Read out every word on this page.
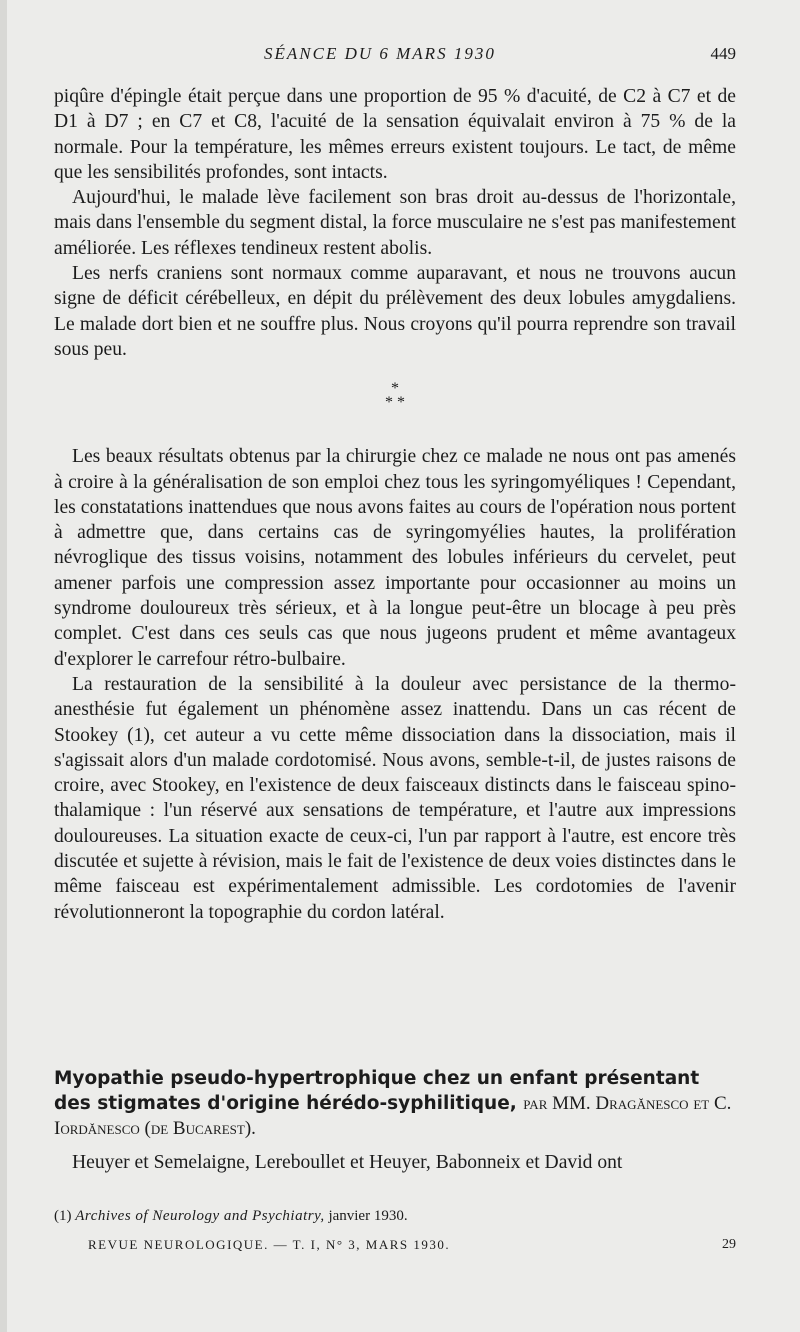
SÉANCE DU 6 MARS 1930	449

piqûre d'épingle était perçue dans une proportion de 95 % d'acuité, de C2 à C7 et de D1 à D7 ; en C7 et C8, l'acuité de la sensation équivalait environ à 75 % de la normale. Pour la température, les mêmes erreurs existent toujours. Le tact, de même que les sensibilités profondes, sont intacts.

Aujourd'hui, le malade lève facilement son bras droit au-dessus de l'horizontale, mais dans l'ensemble du segment distal, la force musculaire ne s'est pas manifestement améliorée. Les réflexes tendineux restent abolis.

Les nerfs craniens sont normaux comme auparavant, et nous ne trouvons aucun signe de déficit cérébelleux, en dépit du prélèvement des deux lobules amygdaliens. Le malade dort bien et ne souffre plus. Nous croyons qu'il pourra reprendre son travail sous peu.

*
* *

Les beaux résultats obtenus par la chirurgie chez ce malade ne nous ont pas amenés à croire à la généralisation de son emploi chez tous les syringomyéliques ! Cependant, les constatations inattendues que nous avons faites au cours de l'opération nous portent à admettre que, dans certains cas de syringomyélies hautes, la prolifération névroglique des tissus voisins, notamment des lobules inférieurs du cervelet, peut amener parfois une compression assez importante pour occasionner au moins un syndrome douloureux très sérieux, et à la longue peut-être un blocage à peu près complet. C'est dans ces seuls cas que nous jugeons prudent et même avantageux d'explorer le carrefour rétro-bulbaire.

La restauration de la sensibilité à la douleur avec persistance de la thermo-anesthésie fut également un phénomène assez inattendu. Dans un cas récent de Stookey (1), cet auteur a vu cette même dissociation dans la dissociation, mais il s'agissait alors d'un malade cordotomisé. Nous avons, semble-t-il, de justes raisons de croire, avec Stookey, en l'existence de deux faisceaux distincts dans le faisceau spino-thalamique : l'un réservé aux sensations de température, et l'autre aux impressions douloureuses. La situation exacte de ceux-ci, l'un par rapport à l'autre, est encore très discutée et sujette à révision, mais le fait de l'existence de deux voies distinctes dans le même faisceau est expérimentalement admissible. Les cordotomies de l'avenir révolutionneront la topographie du cordon latéral.

Myopathie pseudo-hypertrophique chez un enfant présentant des stigmates d'origine hérédo-syphilitique, par MM. Dragănesco et C. Iordănesco (de Bucarest).
Heuyer et Semelaigne, Lereboullet et Heuyer, Babonneix et David ont
(1) Archives of Neurology and Psychiatry, janvier 1930.
REVUE NEUROLOGIQUE. — T. I, N° 3, MARS 1930.	29
